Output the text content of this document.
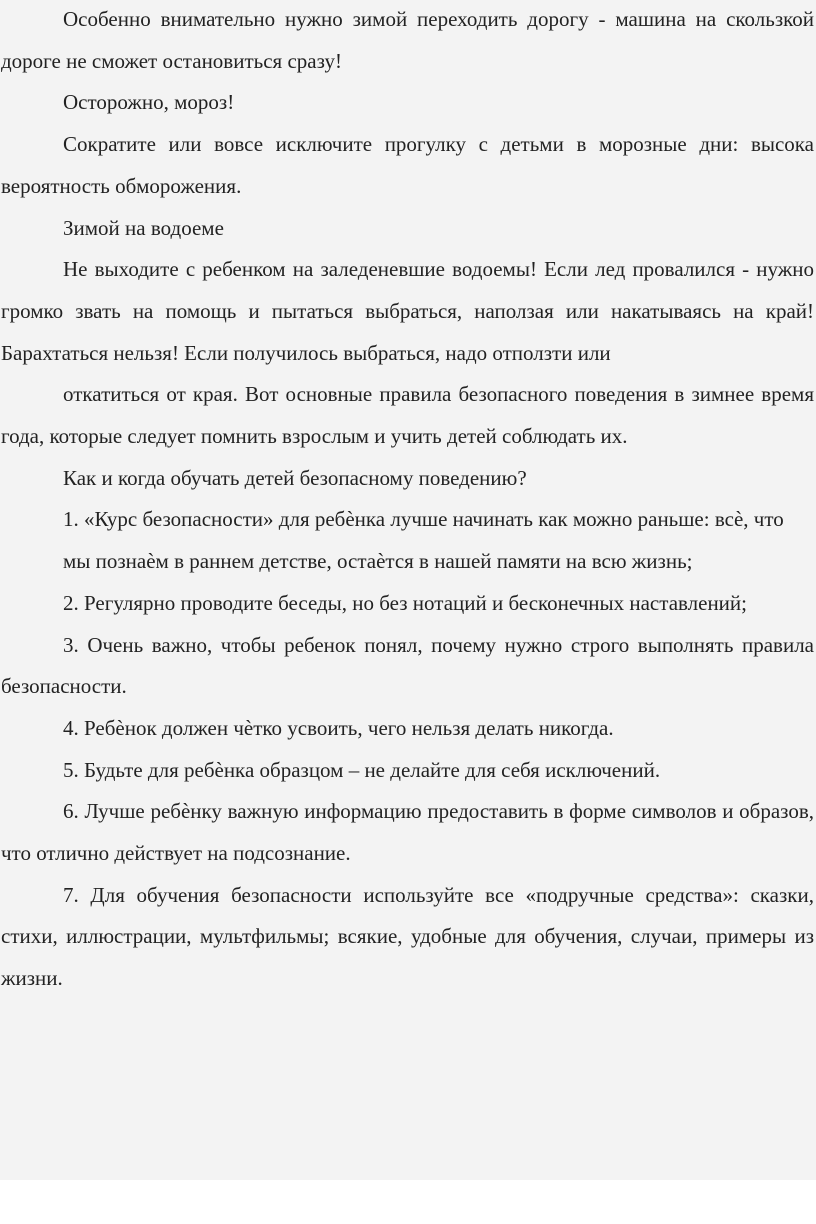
Особенно внимательно нужно зимой переходить дорогу - машина на скользкой дороге не сможет остановиться сразу!

Осторожно, мороз!

Сократите или вовсе исключите прогулку с детьми в морозные дни: высока вероятность обморожения.

Зимой на водоеме

Не выходите с ребенком на заледеневшие водоемы! Если лед провалился - нужно громко звать на помощь и пытаться выбраться, наползая или накатываясь на край! Барахтаться нельзя! Если получилось выбраться, надо отползти или

откатиться от края. Вот основные правила безопасного поведения в зимнее время года, которые следует помнить взрослым и учить детей соблюдать их.

Как и когда обучать детей безопасному поведению?

1. «Курс безопасности» для ребѐнка лучше начинать как можно раньше: всѐ, что

мы познаѐм в раннем детстве, остаѐтся в нашей памяти на всю жизнь;

2. Регулярно проводите беседы, но без нотаций и бесконечных наставлений;

3. Очень важно, чтобы ребенок понял, почему нужно строго выполнять правила безопасности.

4. Ребѐнок должен чѐтко усвоить, чего нельзя делать никогда.

5. Будьте для ребѐнка образцом – не делайте для себя исключений.

6. Лучше ребѐнку важную информацию предоставить в форме символов и образов, что отлично действует на подсознание.

7. Для обучения безопасности используйте все «подручные средства»: сказки, стихи, иллюстрации, мультфильмы; всякие, удобные для обучения, случаи, примеры из жизни.
